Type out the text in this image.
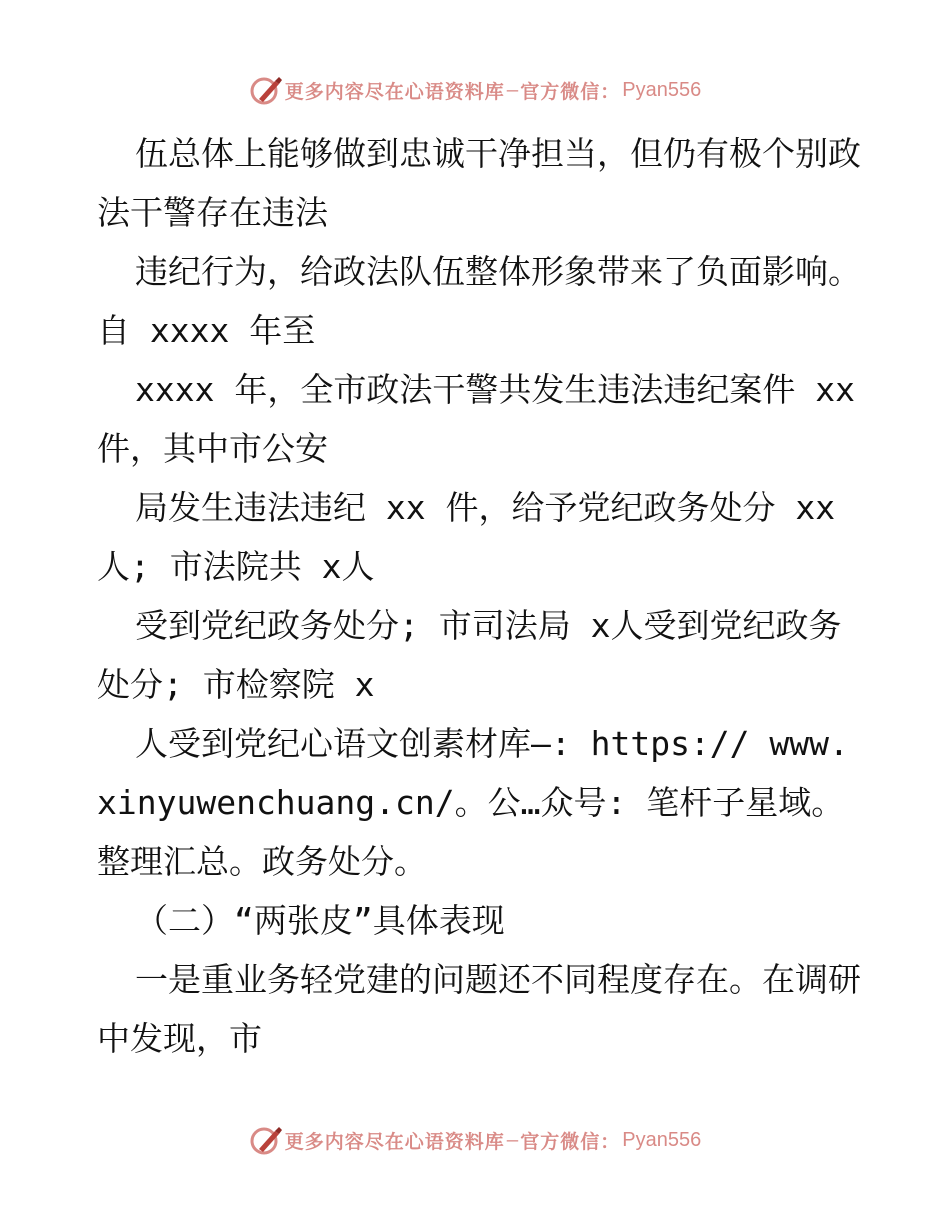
更多内容尽在心语资料库 — 官方微信： Pyan556

伍总体上能够做到忠诚干净担当，但仍有极个别政法干警存在违法

违纪行为，给政法队伍整体形象带来了负面影响。自 xxxx 年至

xxxx 年，全市政法干警共发生违法违纪案件 xx 件，其中市公安

局发生违法违纪 xx 件，给予党纪政务处分 xx 人; 市法院共 x人

受到党纪政务处分; 市司法局 x人受到党纪政务处分; 市检察院 x

人受到党纪心语文创素材库—: https:// www.xinyuwenchuang.cn/。公…众号: 笔杆子星域。整理汇总。政务处分。

（二）“两张皮”具体表现

一是重业务轻党建的问题还不同程度存在。在调研中发现，市

更多内容尽在心语资料库 — 官方微信： Pyan556
